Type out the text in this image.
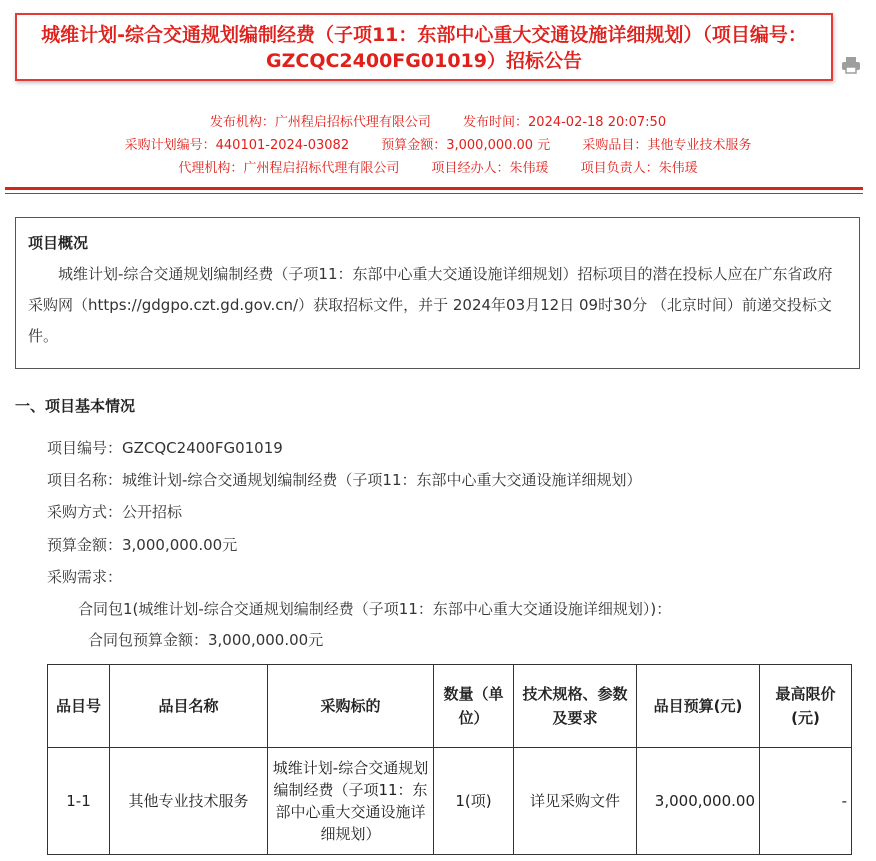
城维计划-综合交通规划编制经费（子项11：东部中心重大交通设施详细规划）（项目编号：
GZCQC2400FG01019）招标公告
发布机构：广州程启招标代理有限公司 发布时间：2024-02-18 20:07:50
采购计划编号：440101-2024-03082 预算金额：3,000,000.00 元 采购品目：其他专业技术服务
代理机构：广州程启招标代理有限公司 项目经办人：朱伟瑗 项目负责人：朱伟瑗
项目概况
城维计划-综合交通规划编制经费（子项11：东部中心重大交通设施详细规划）招标项目的潜在投标人应在广东省政府采购网（https://gdgpo.czt.gd.gov.cn/）获取招标文件，并于 2024年03月12日 09时30分 （北京时间）前递交投标文件。
一、项目基本情况
项目编号：GZCQC2400FG01019
项目名称：城维计划-综合交通规划编制经费（子项11：东部中心重大交通设施详细规划）
采购方式：公开招标
预算金额：3,000,000.00元
采购需求：
合同包1(城维计划-综合交通规划编制经费（子项11：东部中心重大交通设施详细规划）)：
合同包预算金额：3,000,000.00元
品目号	品目名称	采购标的	数量（单位）	技术规格、参数及要求	品目预算(元)	最高限价(元)
1-1	其他专业技术服务	城维计划-综合交通规划编制经费（子项11：东部中心重大交通设施详细规划）	1(项)	详见采购文件	3,000,000.00	-
